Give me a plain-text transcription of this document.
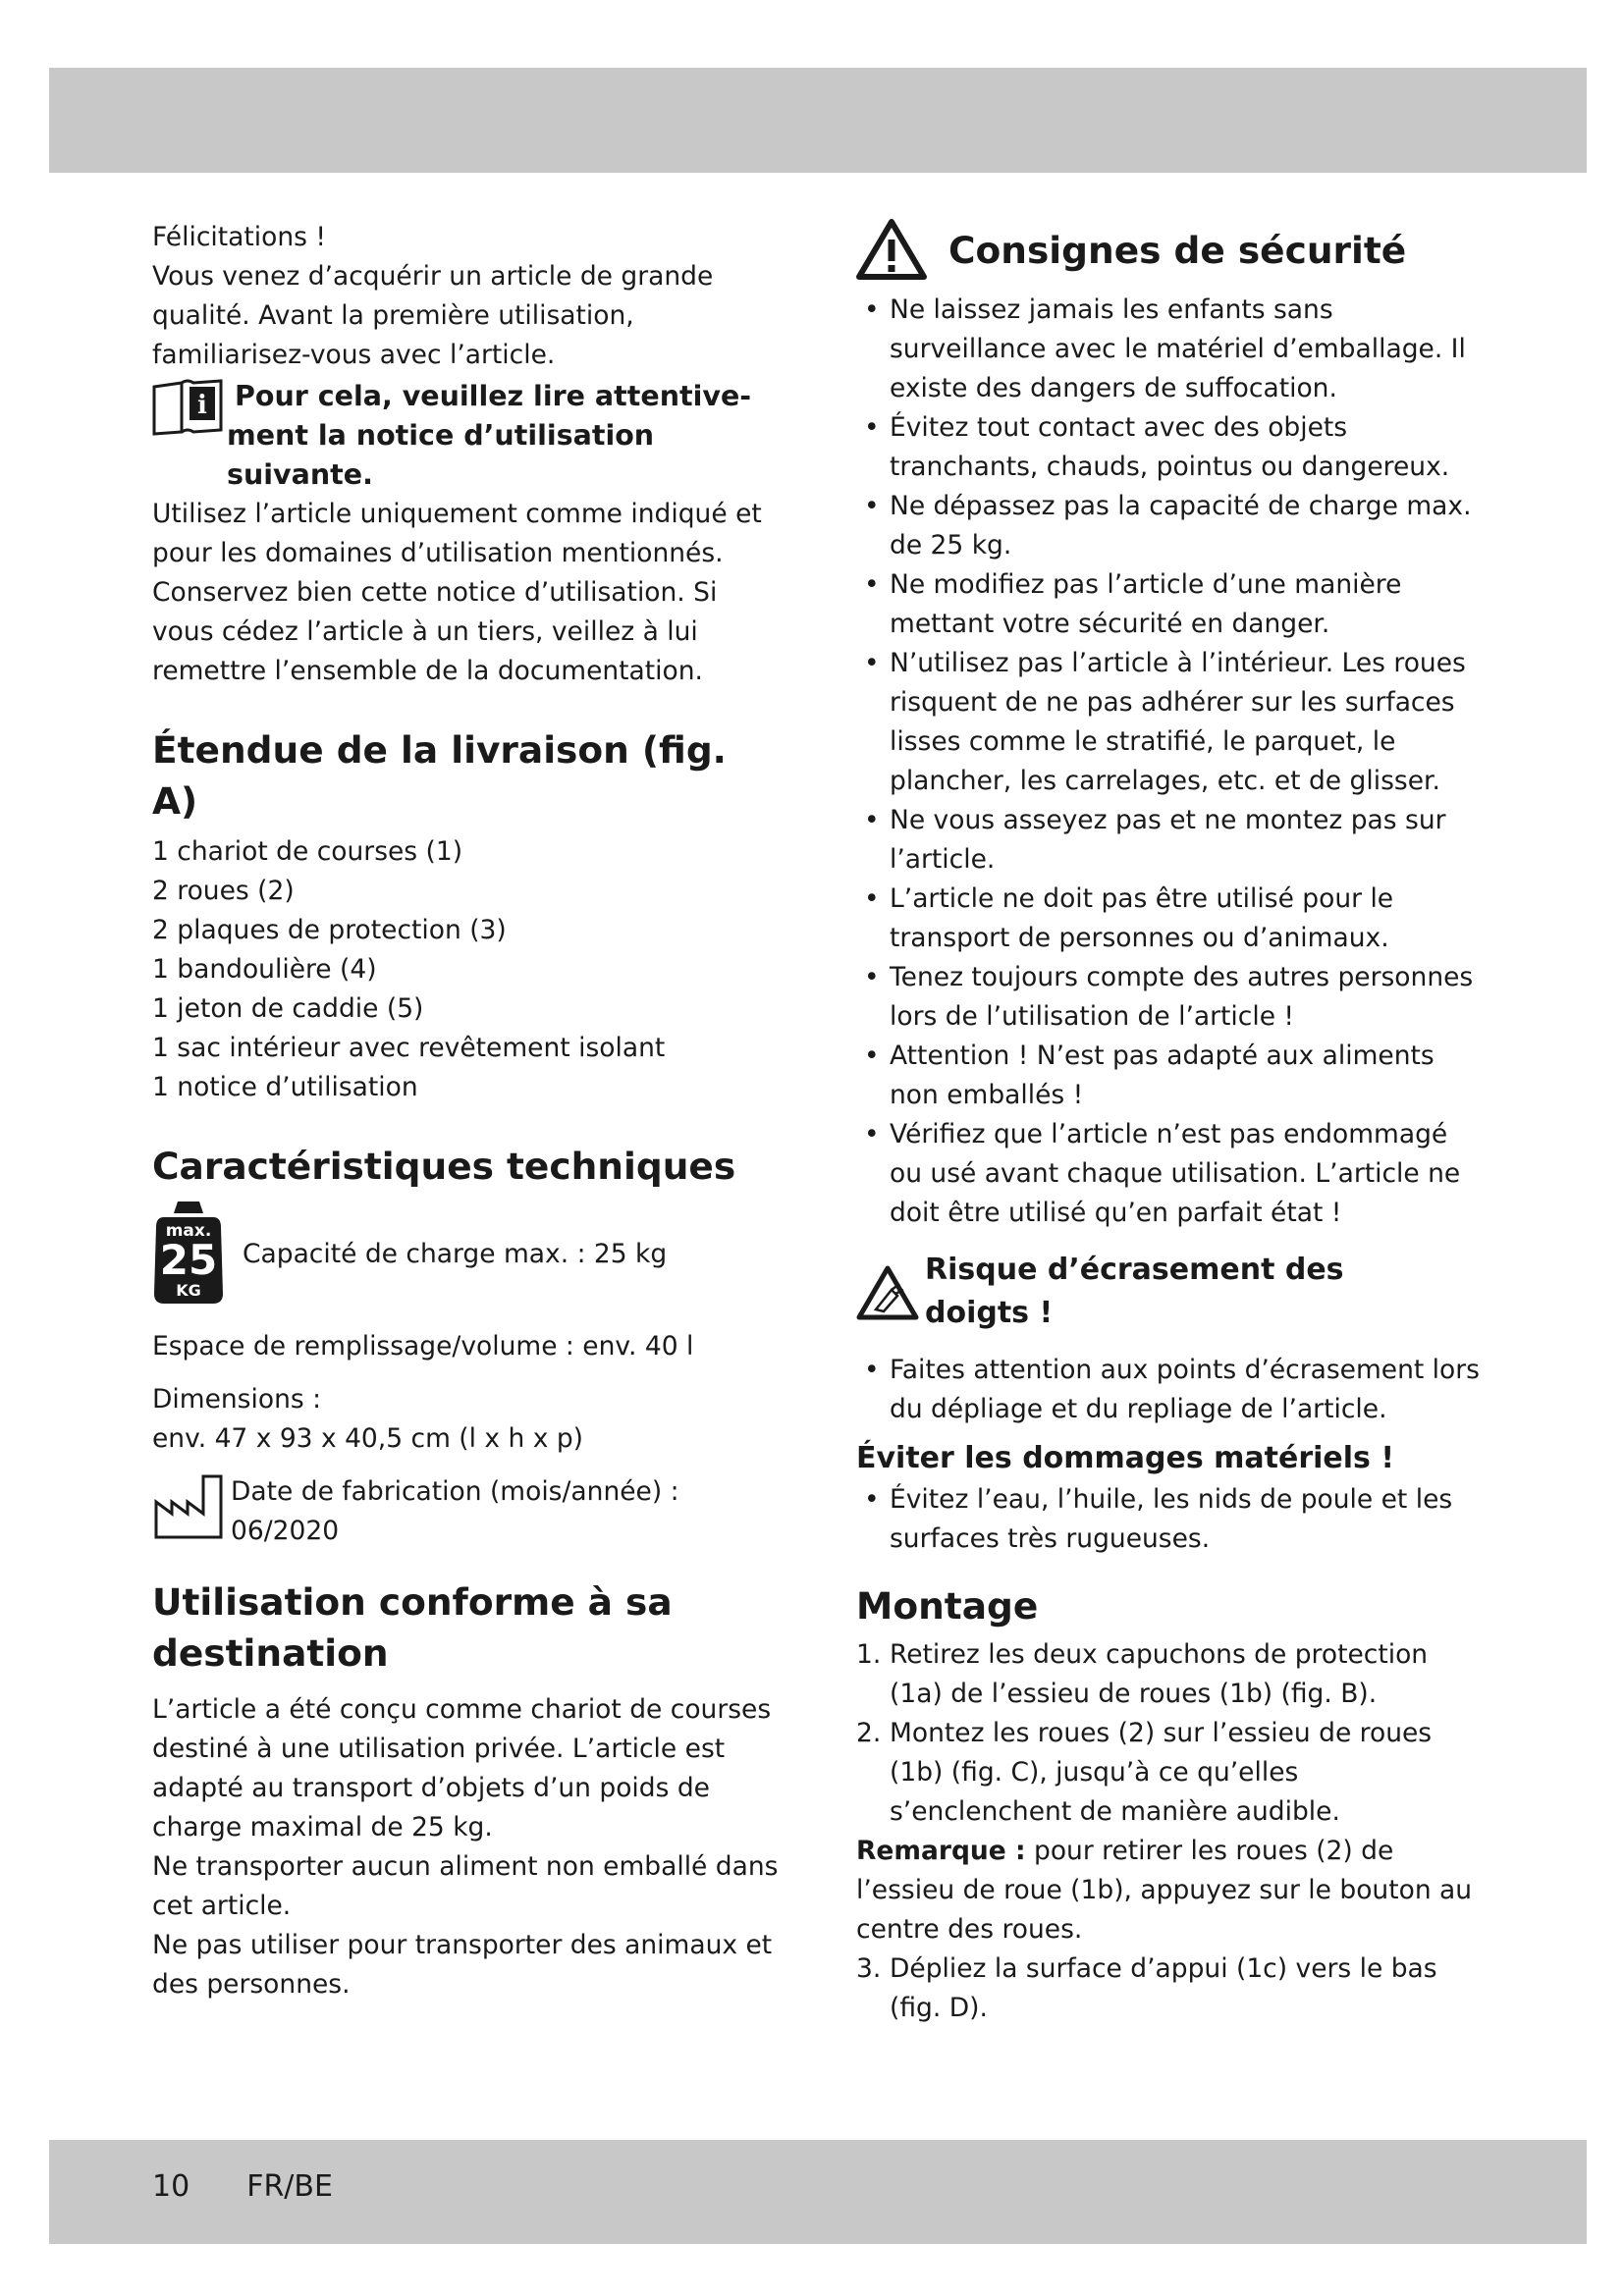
Félicitations !

Vous venez d’acquérir un article de grande qualité. Avant la première utilisation, familiarisez-vous avec l’article.

i Pour cela, veuillez lire attentive-
ment la notice d’utilisation suivante.

Utilisez l’article uniquement comme indiqué et pour les domaines d’utilisation mentionnés. Conservez bien cette notice d’utilisation. Si vous cédez l’article à un tiers, veillez à lui remettre l’ensemble de la documentation.

Étendue de la livraison (fig. A)

1 chariot de courses (1)

2 roues (2)

2 plaques de protection (3)

1 bandoulière (4)

1 jeton de caddie (5)

1 sac intérieur avec revêtement isolant

1 notice d’utilisation

Caractéristiques techniques
max.
25
KG

Capacité de charge max. : 25 kg

Espace de remplissage/volume : env. 40 l

Dimensions :

env. 47 x 93 x 40,5 cm (l x h x p)

Date de fabrication (mois/année) :

06/2020

Utilisation conforme à sa destination

L’article a été conçu comme chariot de courses destiné à une utilisation privée. L’article est adapté au transport d’objets d’un poids de charge maximal de 25 kg.

Ne transporter aucun aliment non emballé dans cet article.

Ne pas utiliser pour transporter des animaux et des personnes.

Consignes de sécurité
• Ne laissez jamais les enfants sans surveillance avec le matériel d’emballage. Il existe des dangers de suffocation.
• Évitez tout contact avec des objets tranchants, chauds, pointus ou dangereux.
• Ne dépassez pas la capacité de charge max. de 25 kg.
• Ne modifiez pas l’article d’une manière mettant votre sécurité en danger.
• N’utilisez pas l’article à l’intérieur. Les roues risquent de ne pas adhérer sur les surfaces lisses comme le stratifié, le parquet, le plancher, les carrelages, etc. et de glisser.
• Ne vous asseyez pas et ne montez pas sur l’article.
• L’article ne doit pas être utilisé pour le transport de personnes ou d’animaux.
• Tenez toujours compte des autres personnes lors de l’utilisation de l’article !
• Attention ! N’est pas adapté aux aliments non emballés !
• Vérifiez que l’article n’est pas endommagé ou usé avant chaque utilisation. L’article ne doit être utilisé qu’en parfait état !
Risque d’écrasement des doigts !
• Faites attention aux points d’écrasement lors du dépliage et du repliage de l’article.
Éviter les dommages matériels !
• Évitez l’eau, l’huile, les nids de poule et les surfaces très rugueuses.
Montage
1. Retirez les deux capuchons de protection (1a) de l’essieu de roues (1b) (fig. B).
2. Montez les roues (2) sur l’essieu de roues (1b) (fig. C), jusqu’à ce qu’elles s’enclenchent de manière audible.

Remarque : pour retirer les roues (2) de l’essieu de roue (1b), appuyez sur le bouton au centre des roues.

3. Dépliez la surface d’appui (1c) vers le bas (fig. D).
10 FR/BE
